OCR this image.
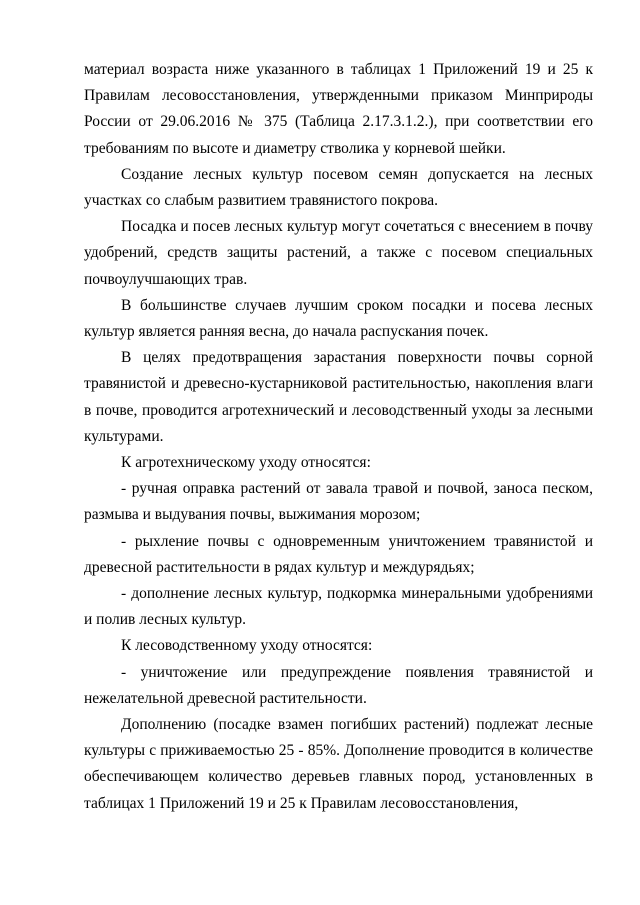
материал возраста ниже указанного в таблицах 1 Приложений 19 и 25 к Правилам лесовосстановления, утвержденными приказом Минприроды России от 29.06.2016 № 375 (Таблица 2.17.3.1.2.), при соответствии его требованиям по высоте и диаметру стволика у корневой шейки.

Создание лесных культур посевом семян допускается на лесных участках со слабым развитием травянистого покрова.

Посадка и посев лесных культур могут сочетаться с внесением в почву удобрений, средств защиты растений, а также с посевом специальных почвоулучшающих трав.

В большинстве случаев лучшим сроком посадки и посева лесных культур является ранняя весна, до начала распускания почек.

В целях предотвращения зарастания поверхности почвы сорной травянистой и древесно-кустарниковой растительностью, накопления влаги в почве, проводится агротехнический и лесоводственный уходы за лесными культурами.

К агротехническому уходу относятся:

- ручная оправка растений от завала травой и почвой, заноса песком, размыва и выдувания почвы, выжимания морозом;

- рыхление почвы с одновременным уничтожением травянистой и древесной растительности в рядах культур и междурядьях;

- дополнение лесных культур, подкормка минеральными удобрениями и полив лесных культур.

К лесоводственному уходу относятся:

- уничтожение или предупреждение появления травянистой и нежелательной древесной растительности.

Дополнению (посадке взамен погибших растений) подлежат лесные культуры с приживаемостью 25 - 85%. Дополнение проводится в количестве обеспечивающем количество деревьев главных пород, установленных в таблицах 1 Приложений 19 и 25 к Правилам лесовосстановления,
